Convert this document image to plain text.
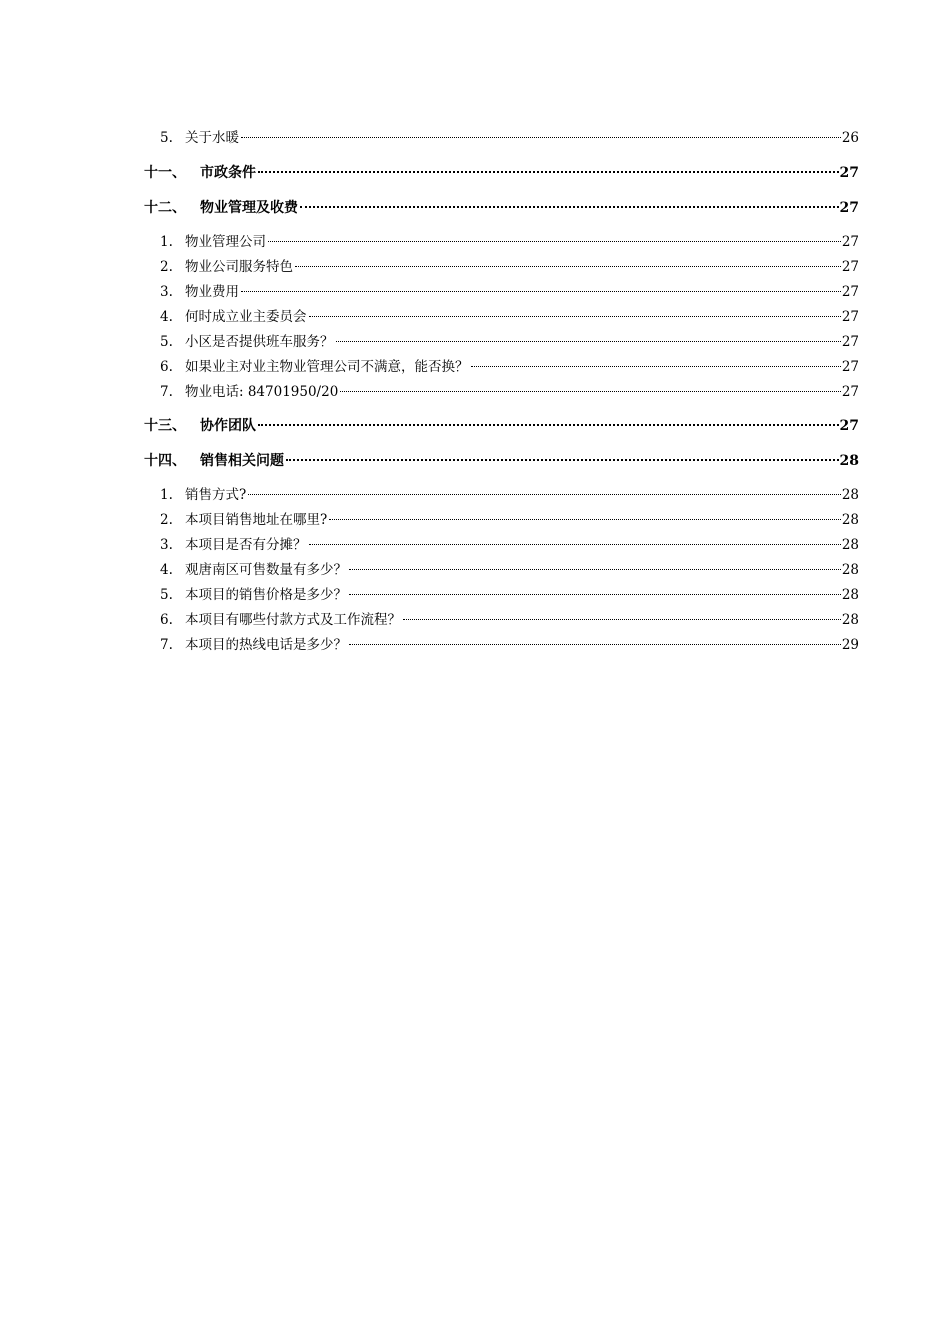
5. 关于水暖	26
十一、	市政条件	27
十二、	物业管理及收费	27
1. 物业管理公司	27
2. 物业公司服务特色	27
3. 物业费用	27
4. 何时成立业主委员会	27
5. 小区是否提供班车服务？	27
6. 如果业主对业主物业管理公司不满意，能否换？	27
7. 物业电话: 84701950/20	27
十三、	协作团队	27
十四、	销售相关问题	28
1. 销售方式?	28
2. 本项目销售地址在哪里?	28
3. 本项目是否有分摊？	28
4. 观唐南区可售数量有多少？	28
5. 本项目的销售价格是多少？	28
6. 本项目有哪些付款方式及工作流程？	28
7. 本项目的热线电话是多少？	29
